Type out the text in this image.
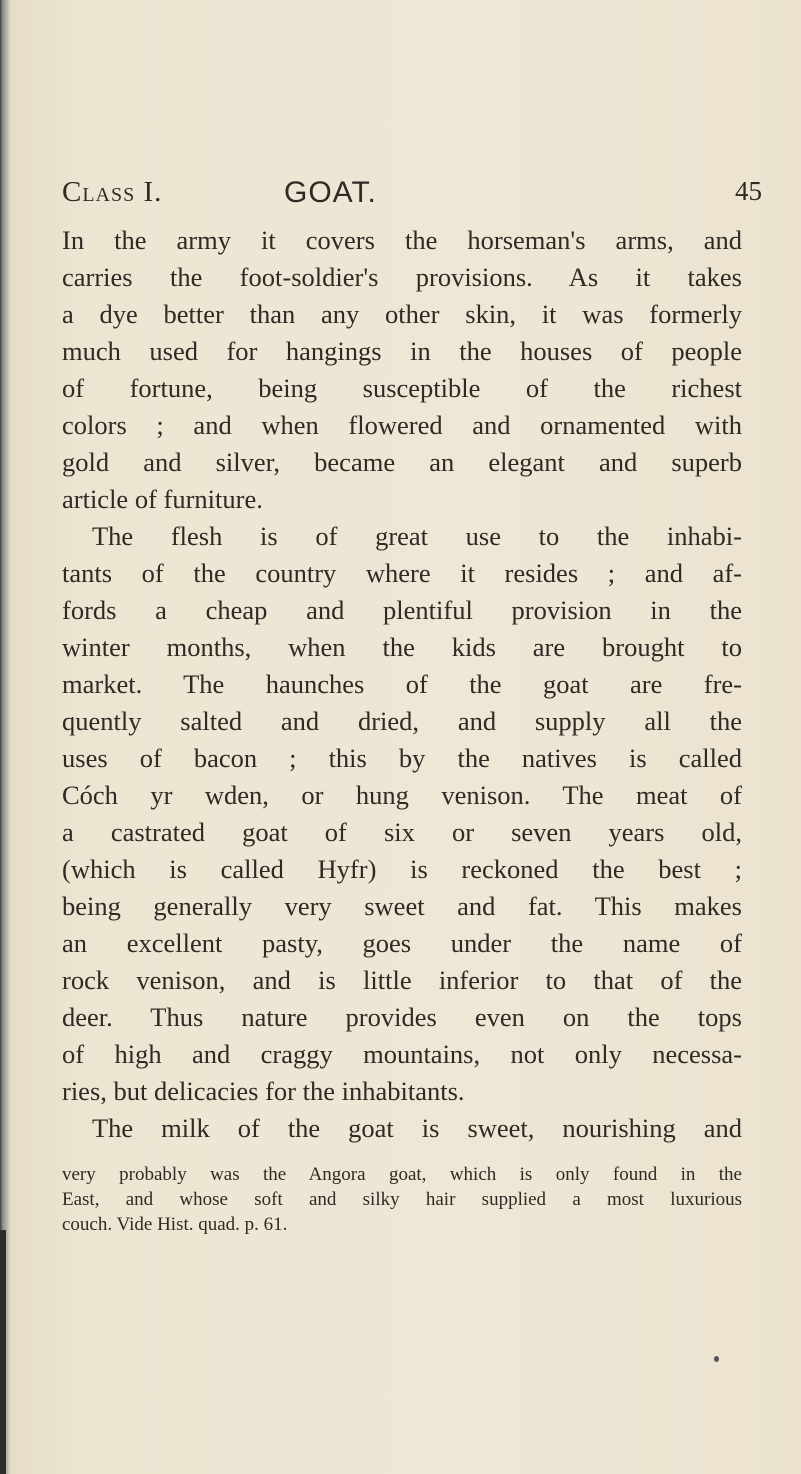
Class I.	GOAT.	45
In the army it covers the horseman's arms, and
carries the foot-soldier's provisions. As it takes
a dye better than any other skin, it was formerly
much used for hangings in the houses of people
of fortune, being susceptible of the richest
colors ; and when flowered and ornamented with
gold and silver, became an elegant and superb
article of furniture.
The flesh is of great use to the inhabi-
tants of the country where it resides ; and af-
fords a cheap and plentiful provision in the
winter months, when the kids are brought to
market. The haunches of the goat are fre-
quently salted and dried, and supply all the
uses of bacon ; this by the natives is called
Cóch yr wden, or hung venison. The meat of
a castrated goat of six or seven years old,
(which is called Hyfr) is reckoned the best ;
being generally very sweet and fat. This makes
an excellent pasty, goes under the name of
rock venison, and is little inferior to that of the
deer. Thus nature provides even on the tops
of high and craggy mountains, not only necessa-
ries, but delicacies for the inhabitants.
The milk of the goat is sweet, nourishing and
very probably was the Angora goat, which is only found in the
East, and whose soft and silky hair supplied a most luxurious
couch. Vide Hist. quad. p. 61.
